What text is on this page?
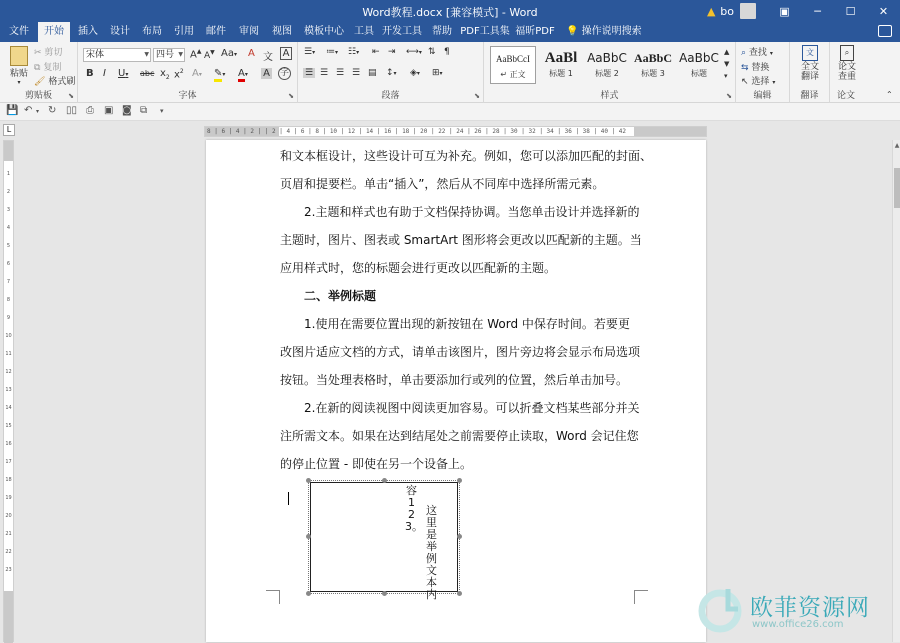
Word教程.docx [兼容模式] - Word	▲ bo	▣	─	☐	✕
文件	开始	插入	设计	布局	引用	邮件	审阅	视图	模板中心	工具 开发工具	帮助 PDF工具集 福昕PDF	💡 操作说明搜索
粘贴
▾
✂ 剪切
⧉ 复制
🖌 格式刷
剪贴板	⬊
宋体	▼ 四号 ▼ A▲ A▼ Aa▾ A 文 A
B I U▾ abc $x_2$ $x^2$ A▾ ✎▾ A▾ A 字
字体	⬊
☰▾ ≔▾ ☷▾ ⇤ ⇥ ⟷▾ ⇅ ¶
☰ ☰ ☰ ☰ ▤ ↕▾ ◈▾ ⊞▾
段落	⬊
AaBbCcI
↵ 正文
AaBl
标题 1
AaBbC
标题 2
AaBbC
标题 3
AaBbC
标题
▲
▼
▾
样式	⬊
⌕ 查找 ▾
⇆ 替换
↖ 选择 ▾
编辑
文
全文翻译
翻译
⌕
论文查重
论文	⌃
💾 ↶ ▾ ↻ ▯▯ ⎙ ▣ ◙ ⧉ ▾
L	8 | 6 | 4 | 2 | | 2 | 4 | 6 | 8 | 10 | 12 | 14 | 16 | 18 | 20 | 22 | 24 | 26 | 28 | 30 | 32 | 34 | 36 | 38 | 40 | 42
1
2
3
4
5
6
7
8
9
10
11
12
13
14
15
16
17
18
19
20
21
22
23
和文本框设计，这些设计可互为补充。例如，您可以添加匹配的封面、
页眉和提要栏。单击“插入”，然后从不同库中选择所需元素。
2.主题和样式也有助于文档保持协调。当您单击设计并选择新的
主题时，图片、图表或 SmartArt 图形将会更改以匹配新的主题。当
应用样式时，您的标题会进行更改以匹配新的主题。
二、举例标题
1.使用在需要位置出现的新按钮在 Word 中保存时间。若要更
改图片适应文档的方式，请单击该图片，图片旁边将会显示布局选项
按钮。当处理表格时，单击要添加行或列的位置，然后单击加号。
2.在新的阅读视图中阅读更加容易。可以折叠文档某些部分并关
注所需文本。如果在达到结尾处之前需要停止读取，Word 会记住您
的停止位置 - 即使在另一个设备上。
容123。
这里是举例文本内
▲
欧菲资源网
www.office26.com
